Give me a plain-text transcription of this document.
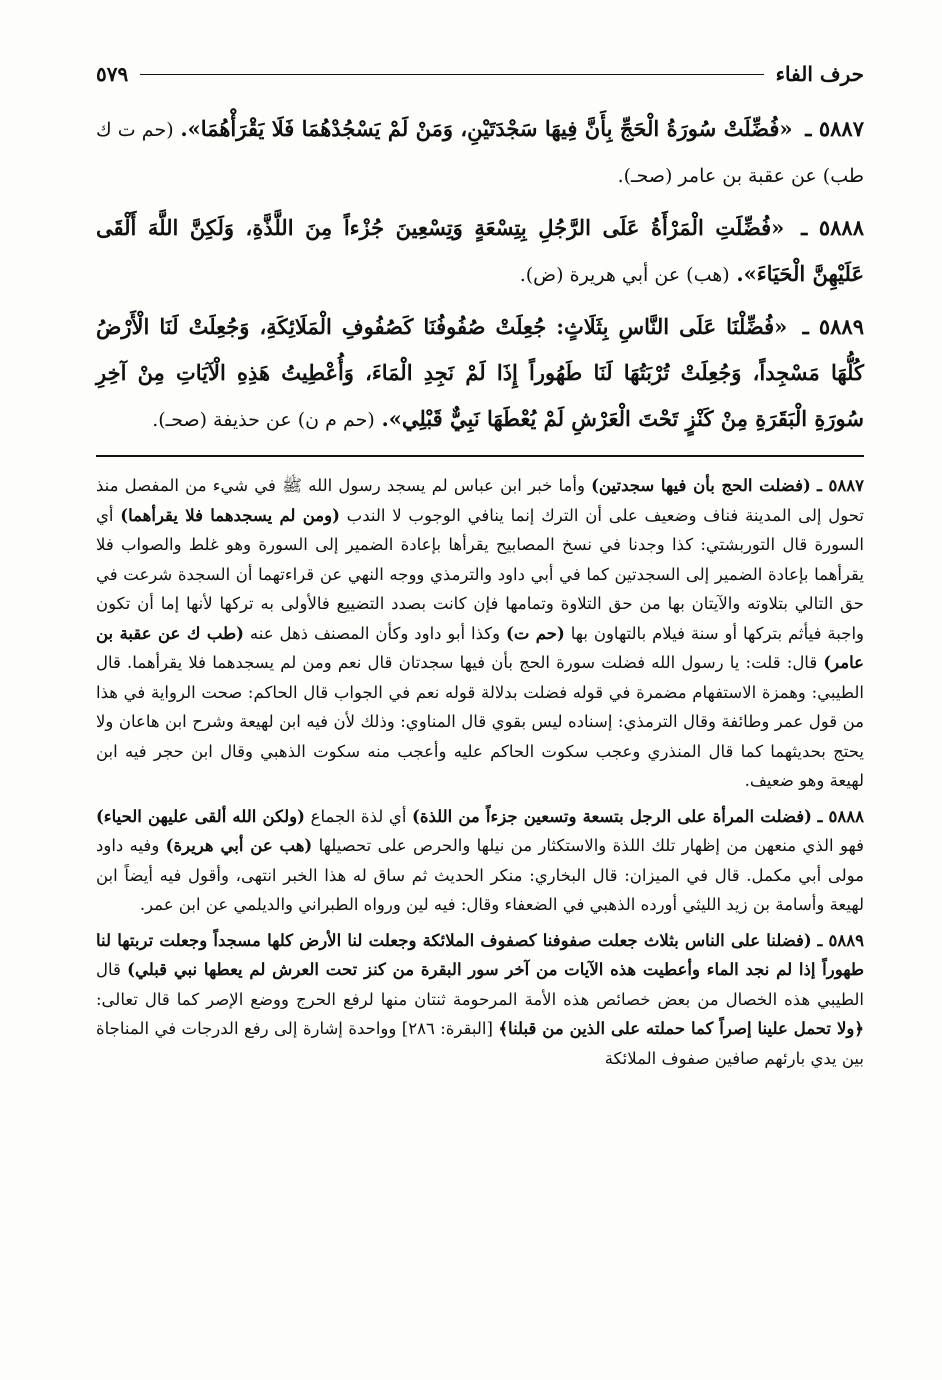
حرف الفاء
٥٧٩

٥٨٨٧ ـ «فُضِّلَتْ سُورَةُ الْحَجِّ بِأَنَّ فِيهَا سَجْدَتَيْنِ، وَمَنْ لَمْ يَسْجُدْهُمَا فَلَا يَقْرَأْهُمَا». (حم ت ك طب) عن عقبة بن عامر (صحـ).

٥٨٨٨ ـ «فُضِّلَتِ الْمَرْأَةُ عَلَى الرَّجُلِ بِتِسْعَةٍ وَتِسْعِينَ جُزْءاً مِنَ اللَّذَّةِ، وَلَكِنَّ اللَّهَ أَلْقَى عَلَيْهِنَّ الْحَيَاءَ». (هب) عن أبي هريرة (ض).

٥٨٨٩ ـ «فُضِّلْنَا عَلَى النَّاسِ بِثَلَاثٍ: جُعِلَتْ صُفُوفُنَا كَصُفُوفِ الْمَلَائِكَةِ، وَجُعِلَتْ لَنَا الْأَرْضُ كُلُّهَا مَسْجِداً، وَجُعِلَتْ تُرْبَتُهَا لَنَا طَهُوراً إِذَا لَمْ نَجِدِ الْمَاءَ، وَأُعْطِيتُ هَذِهِ الْآيَاتِ مِنْ آخِرِ سُورَةِ الْبَقَرَةِ مِنْ كَنْزٍ تَحْتَ الْعَرْشِ لَمْ يُعْطَهَا نَبِيٌّ قَبْلِي». (حم م ن) عن حذيفة (صحـ).

٥٨٨٧ ـ (فضلت الحج بأن فيها سجدتين) وأما خبر ابن عباس لم يسجد رسول الله ﷺ في شيء من المفصل منذ تحول إلى المدينة فناف وضعيف على أن الترك إنما ينافي الوجوب لا الندب (ومن لم يسجدهما فلا يقرأهما) أي السورة قال التوربشتي: كذا وجدنا في نسخ المصابيح يقرأها بإعادة الضمير إلى السورة وهو غلط والصواب فلا يقرأهما بإعادة الضمير إلى السجدتين كما في أبي داود والترمذي ووجه النهي عن قراءتهما أن السجدة شرعت في حق التالي بتلاوته والآيتان بها من حق التلاوة وتمامها فإن كانت بصدد التضييع فالأولى به تركها لأنها إما أن تكون واجبة فيأثم بتركها أو سنة فيلام بالتهاون بها (حم ت) وكذا أبو داود وكأن المصنف ذهل عنه (طب ك عن عقبة بن عامر) قال: قلت: يا رسول الله فضلت سورة الحج بأن فيها سجدتان قال نعم ومن لم يسجدهما فلا يقرأهما. قال الطيبي: وهمزة الاستفهام مضمرة في قوله فضلت بدلالة قوله نعم في الجواب قال الحاكم: صحت الرواية في هذا من قول عمر وطائفة وقال الترمذي: إسناده ليس بقوي قال المناوي: وذلك لأن فيه ابن لهيعة وشرح ابن هاعان ولا يحتج بحديثهما كما قال المنذري وعجب سكوت الحاكم عليه وأعجب منه سكوت الذهبي وقال ابن حجر فيه ابن لهيعة وهو ضعيف.

٥٨٨٨ ـ (فضلت المرأة على الرجل بتسعة وتسعين جزءاً من اللذة) أي لذة الجماع (ولكن الله ألقى عليهن الحياء) فهو الذي منعهن من إظهار تلك اللذة والاستكثار من نيلها والحرص على تحصيلها (هب عن أبي هريرة) وفيه داود مولى أبي مكمل. قال في الميزان: قال البخاري: منكر الحديث ثم ساق له هذا الخبر انتهى، وأقول فيه أيضاً ابن لهيعة وأسامة بن زيد الليثي أورده الذهبي في الضعفاء وقال: فيه لين ورواه الطبراني والديلمي عن ابن عمر.

٥٨٨٩ ـ (فضلنا على الناس بثلاث جعلت صفوفنا كصفوف الملائكة وجعلت لنا الأرض كلها مسجداً وجعلت تربتها لنا طهوراً إذا لم نجد الماء وأعطيت هذه الآيات من آخر سور البقرة من كنز تحت العرش لم يعطها نبي قبلي) قال الطيبي هذه الخصال من بعض خصائص هذه الأمة المرحومة ثنتان منها لرفع الحرج ووضع الإصر كما قال تعالى: ﴿ولا تحمل علينا إصراً كما حملته على الذين من قبلنا﴾ [البقرة: ٢٨٦] وواحدة إشارة إلى رفع الدرجات في المناجاة بين يدي بارئهم صافين صفوف الملائكة
